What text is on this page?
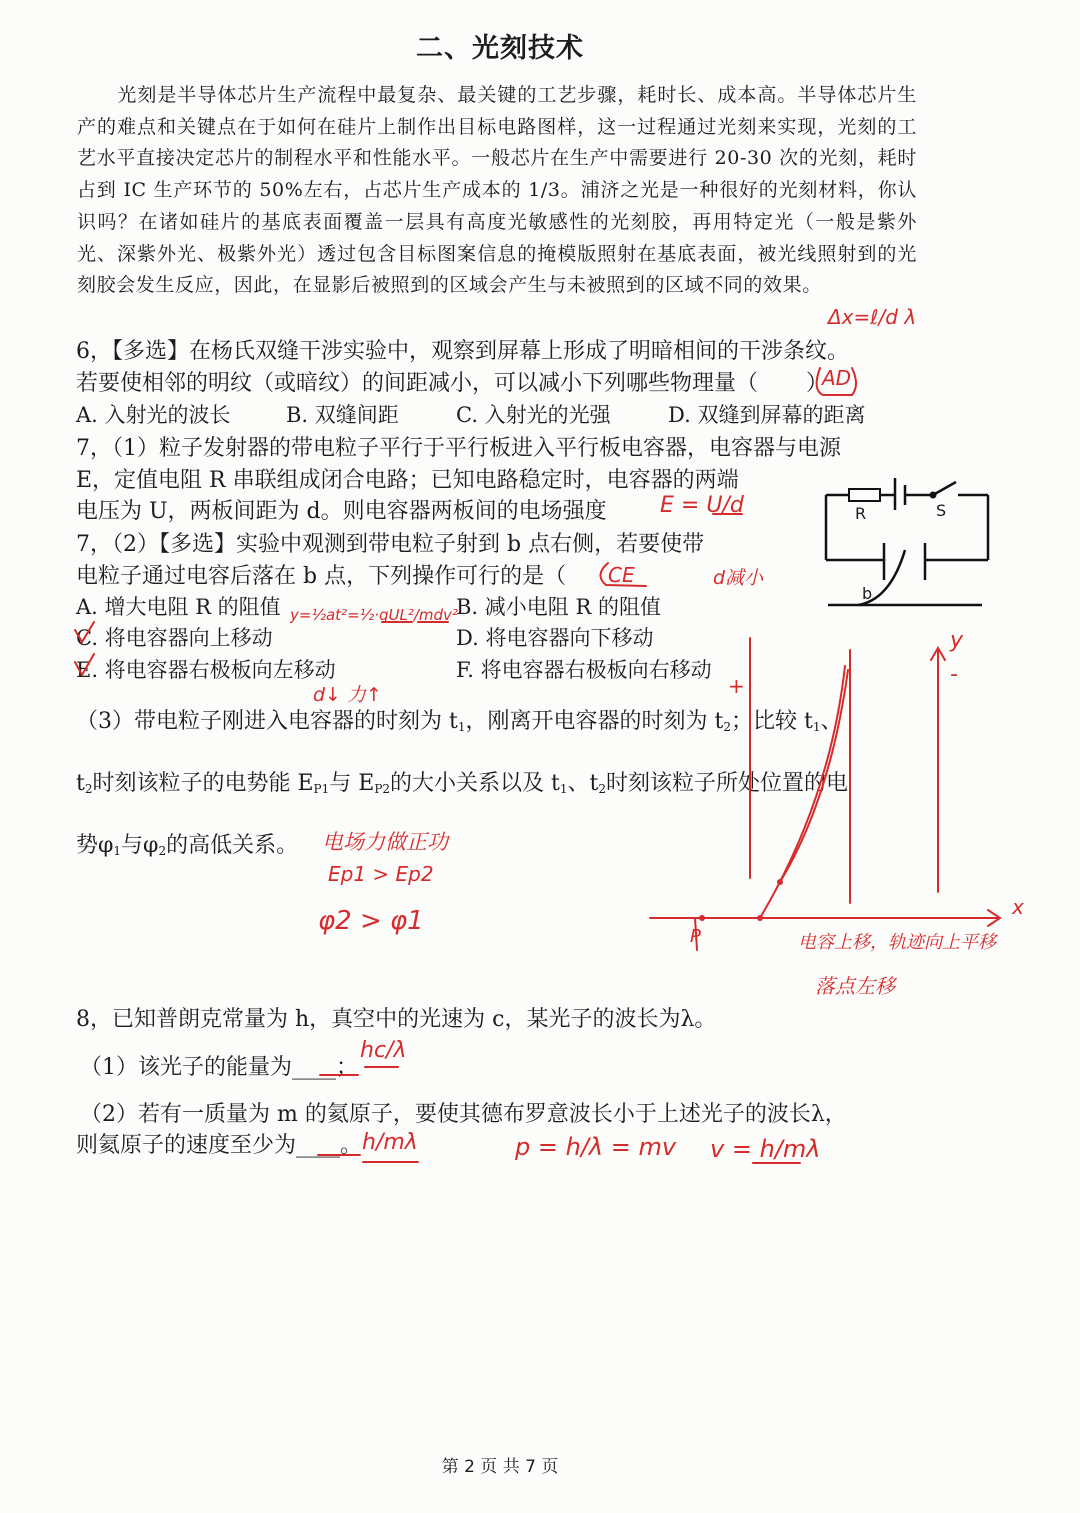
二、光刻技术
光刻是半导体芯片生产流程中最复杂、最关键的工艺步骤，耗时长、成本高。半导体芯片生产的难点和关键点在于如何在硅片上制作出目标电路图样，这一过程通过光刻来实现，光刻的工艺水平直接决定芯片的制程水平和性能水平。一般芯片在生产中需要进行 20-30 次的光刻，耗时占到 IC 生产环节的 50%左右，占芯片生产成本的 1/3。浦济之光是一种很好的光刻材料，你认识吗？在诸如硅片的基底表面覆盖一层具有高度光敏感性的光刻胶，再用特定光（一般是紫外光、深紫外光、极紫外光）透过包含目标图案信息的掩模版照射在基底表面，被光线照射到的光刻胶会发生反应，因此，在显影后被照到的区域会产生与未被照到的区域不同的效果。
6，【多选】在杨氏双缝干涉实验中，观察到屏幕上形成了明暗相间的干涉条纹。
若要使相邻的明纹（或暗纹）的间距减小，可以减小下列哪些物理量（ ）
A. 入射光的波长	B. 双缝间距	C. 入射光的光强	D. 双缝到屏幕的距离
7，（1）粒子发射器的带电粒子平行于平行板进入平行板电容器，电容器与电源
E，定值电阻 R 串联组成闭合电路；已知电路稳定时，电容器的两端
电压为 U，两板间距为 d。则电容器两板间的电场强度
7，（2）【多选】实验中观测到带电粒子射到 b 点右侧，若要使带
电粒子通过电容后落在 b 点，下列操作可行的是（
A. 增大电阻 R 的阻值	B. 减小电阻 R 的阻值
C. 将电容器向上移动	D. 将电容器向下移动
E. 将电容器右极板向左移动	F. 将电容器右极板向右移动
（3）带电粒子刚进入电容器的时刻为 $t_1$，刚离开电容器的时刻为 $t_2$；比较 $t_1$、
$t_2$时刻该粒子的电势能 $E_{P1}$与 $E_{P2}$的大小关系以及 $t_1$、$t_2$时刻该粒子所处位置的电
势$\varphi_1$与$\varphi_2$的高低关系。
8，已知普朗克常量为 h，真空中的光速为 c，某光子的波长为λ。
（1）该光子的能量为____；
（2）若有一质量为 m 的氦原子，要使其德布罗意波长小于上述光子的波长λ，
则氦原子的速度至少为____。
R	S
b
Δx=ℓ/d λ
AD
E = U/d
d减小
CE
y=½at²=½·qUL²/mdv²
d↓ 力↑
电场力做正功
Ep1 > Ep2
φ2 > φ1
电容上移，轨迹向上平移
落点左移
+	-
y
x
P
hc/λ
p = h/λ = mv v = h/mλ
h/mλ
第 2 页 共 7 页
